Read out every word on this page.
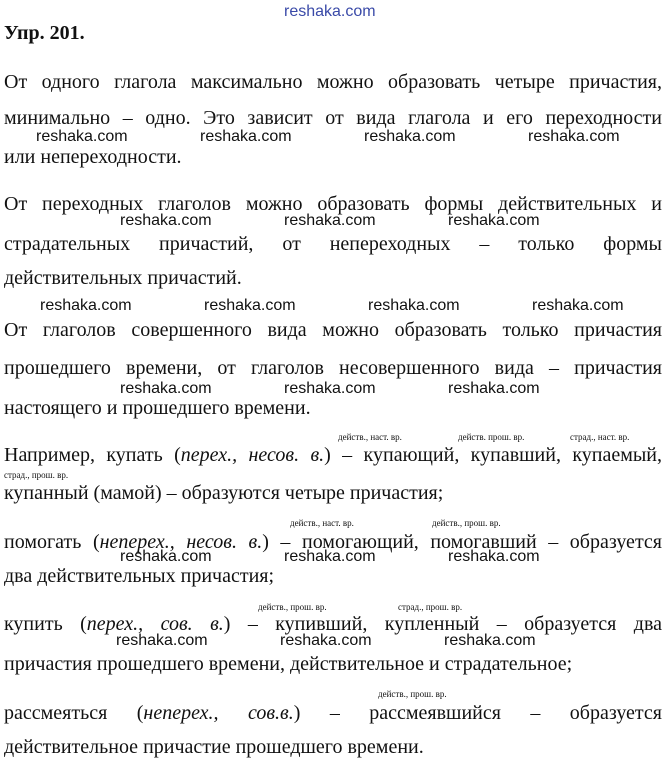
reshaka.com
Упр. 201.
От одного глагола максимально можно образовать четыре причастия,
минимально – одно. Это зависит от вида глагола и его переходности
reshaka.com	reshaka.com	reshaka.com	reshaka.com
или непереходности.
От переходных глаголов можно образовать формы действительных и
reshaka.com	reshaka.com	reshaka.com
страдательных причастий, от непереходных – только формы
действительных причастий.
reshaka.com	reshaka.com	reshaka.com	reshaka.com
От глаголов совершенного вида можно образовать только причастия
прошедшего времени, от глаголов несовершенного вида – причастия
reshaka.com	reshaka.com	reshaka.com
настоящего и прошедшего времени.
действ., наст. вр.	действ. прош. вр.	страд., наст. вр.
Например, купать (перех., несов. в.) – купающий, купавший, купаемый,
страд., прош. вр.
купанный (мамой) – образуются четыре причастия;
действ., наст. вр.	действ., прош. вр.
помогать (неперех., несов. в.) – помогающий, помогавший – образуется
reshaka.com	reshaka.com	reshaka.com
два действительных причастия;
действ., прош. вр.	страд., прош. вр.
купить (перех., сов. в.) – купивший, купленный – образуется два
reshaka.com	reshaka.com	reshaka.com
причастия прошедшего времени, действительное и страдательное;
действ., прош. вр.
рассмеяться (неперех., сов.в.) – рассмеявшийся – образуется
действительное причастие прошедшего времени.
